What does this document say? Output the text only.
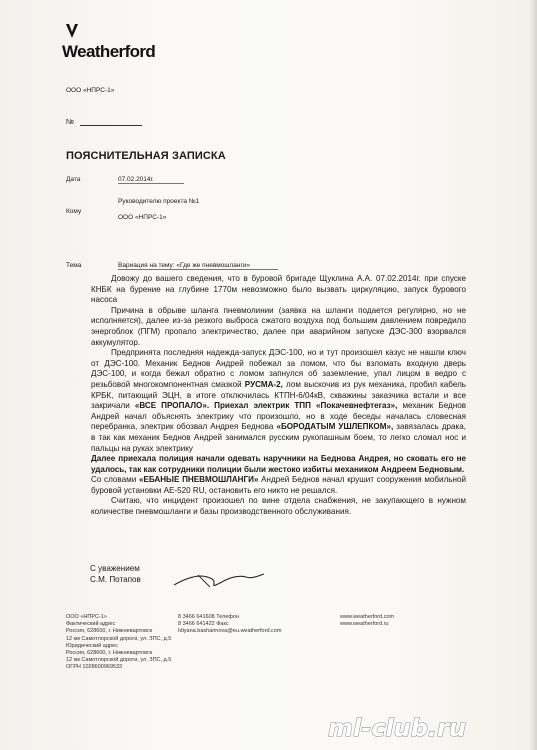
Weatherford
ООО «НПРС-1»
№
ПОЯСНИТЕЛЬНАЯ ЗАПИСКА
Дата	07.02.2014г.
Кому
Руководителю проекта №1
ООО «НПРС-1»
Тема	Вариация на тему: «Где же пневмошланги»

Довожу до вашего сведения, что в буровой бригаде Щуклина А.А. 07.02.2014г. при спуске КНБК на бурение на глубине 1770м невозможно было вызвать циркуляцию, запуск бурового насоса

Причина в обрыве шланга пневмолинии (заявка на шланги подается регулярно, но не исполняется), далее из-за резкого выброса сжатого воздуха под большим давлением повредило энергоблок (ПГМ) пропало электричество, далее при аварийном запуске ДЭС-300 взорвался аккумулятор.

Предпринята последняя надежда-запуск ДЭС-100, но и тут произошел казус не нашли ключ от ДЭС-100. Механик Беднов Андрей побежал за ломом, что бы взломать входную дверь ДЭС-100, и когда бежал обратно с ломом запнулся об заземление, упал лицом в ведро с резьбовой многокомпонентная смазкой РУСМА-2, лом выскочив из рук механика, пробил кабель КРБК, питающий ЭЦН, в итоге отключилась КТПН-6/04кВ, скважины заказчика встали и все закричали «ВСЕ ПРОПАЛО». Приехал электрик ТПП «Покачевнефтегаз», механик Беднов Андрей начал объяснять электрику что произошло, но в ходе беседы началась словесная перебранка, электрик обозвал Андрея Беднова «БОРОДАТЫМ УШЛЕПКОМ», завязалась драка, в так как механик Беднов Андрей занимался русским рукопашным боем, то легко сломал нос и пальцы на руках электрику

Далее приехала полиция начали одевать наручники на Беднова Андрея, но сковать его не удалось, так как сотрудники полиции были жестоко избиты механиком Андреем Бедновым.

Со словами «ЕБАНЫЕ ПНЕВМОШЛАНГИ» Андрей Беднов начал крушит сооружения мобильной буровой установки АЕ-520 RU, остановить его никто не решался.

Считаю, что инцидент произошел по вине отдела снабжения, не закупающего в нужном количестве пневмошланги и базы производственного обслуживания.

С уважением
С.М. Потапов
ООО «НПРС-1»
Фактический адрес
Россия, 628600, г. Нижневартовск
12 км Самотлорской дороги, ул. ЗПС, д.5
Юридический адрес
Россия, 628600, г. Нижневартовск
12 км Самотлорской дороги, ул. ЗПС, д.5
ОГРН 1028600969532
8 3466 641608 Телефон
8 3466 641422 Факс
Idiyana.basharinova@eu.weatherford.com
www.weatherford.com
www.weatherford.ru
ml-club.ru
